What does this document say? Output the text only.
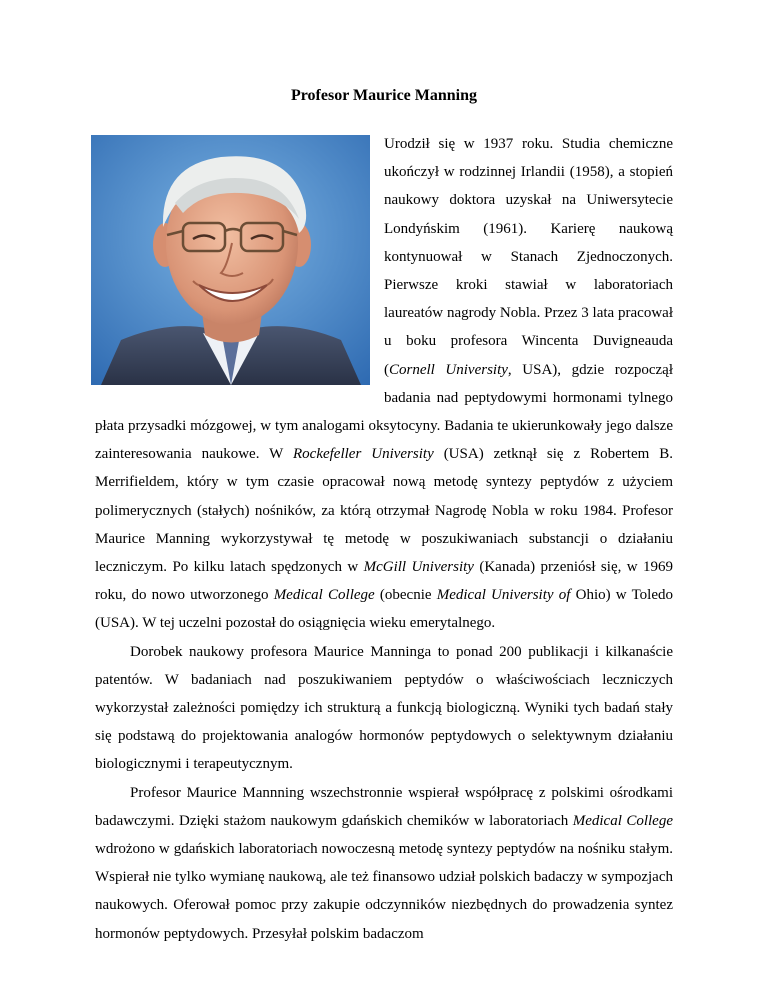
Profesor Maurice Manning

Urodził się w 1937 roku. Studia chemiczne ukończył w rodzinnej Irlandii (1958), a stopień naukowy doktora uzyskał na Uniwersytecie Londyńskim (1961). Karierę naukową kontynuował w Stanach Zjednoczonych. Pierwsze kroki stawiał w laboratoriach laureatów nagrody Nobla. Przez 3 lata pracował u boku profesora Wincenta Duvigneauda (Cornell University, USA), gdzie rozpoczął badania nad peptydowymi hormonami tylnego płata przysadki mózgowej, w tym analogami oksytocyny. Badania te ukierunkowały jego dalsze zainteresowania naukowe. W Rockefeller University (USA) zetknął się z Robertem B. Merrifieldem, który w tym czasie opracował nową metodę syntezy peptydów z użyciem polimerycznych (stałych) nośników, za którą otrzymał Nagrodę Nobla w roku 1984. Profesor Maurice Manning wykorzystywał tę metodę w poszukiwaniach substancji o działaniu leczniczym. Po kilku latach spędzonych w McGill University (Kanada) przeniósł się, w 1969 roku, do nowo utworzonego Medical College (obecnie Medical University of Ohio) w Toledo (USA). W tej uczelni pozostał do osiągnięcia wieku emerytalnego.

Dorobek naukowy profesora Maurice Manninga to ponad 200 publikacji i kilkanaście patentów. W badaniach nad poszukiwaniem peptydów o właściwościach leczniczych wykorzystał zależności pomiędzy ich strukturą a funkcją biologiczną. Wyniki tych badań stały się podstawą do projektowania analogów hormonów peptydowych o selektywnym działaniu biologicznymi i terapeutycznym.

Profesor Maurice Mannning wszechstronnie wspierał współpracę z polskimi ośrodkami badawczymi. Dzięki stażom naukowym gdańskich chemików w laboratoriach Medical College wdrożono w gdańskich laboratoriach nowoczesną metodę syntezy peptydów na nośniku stałym. Wspierał nie tylko wymianę naukową, ale też finansowo udział polskich badaczy w sympozjach naukowych. Oferował pomoc przy zakupie odczynników niezbędnych do prowadzenia syntez hormonów peptydowych. Przesyłał polskim badaczom
